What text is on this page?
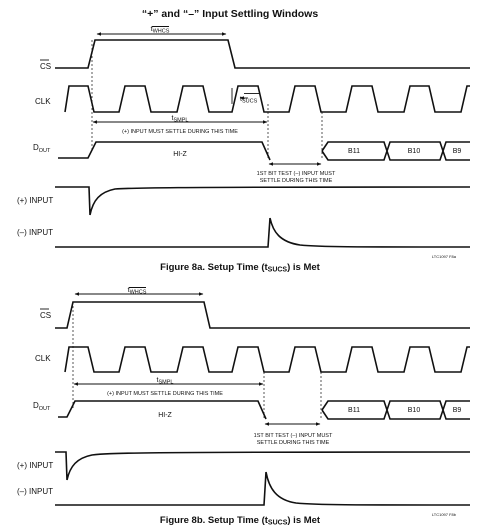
“+” and “–” Input Settling Windows
CS
CLK
$D_{OUT}$
(+) INPUT
(–) INPUT
$t_{WHCS}$
$t_{SUCS}$
$t_{SMPL}$
(+) INPUT MUST SETTLE DURING THIS TIME
HI-Z	B11	B10	B9
1ST BIT TEST (–) INPUT MUST
SETTLE DURING THIS TIME
LTC1097 F8a
Figure 8a. Setup Time (tSUCS) is Met
CS
CLK
$D_{OUT}$
(+) INPUT
(–) INPUT
$t_{WHCS}$
$t_{SMPL}$
(+) INPUT MUST SETTLE DURING THIS TIME
HI-Z
B11	B10	B9
1ST BIT TEST (–) INPUT MUST
SETTLE DURING THIS TIME
LTC1097 F8b
Figure 8b. Setup Time (tSUCS) is Met
